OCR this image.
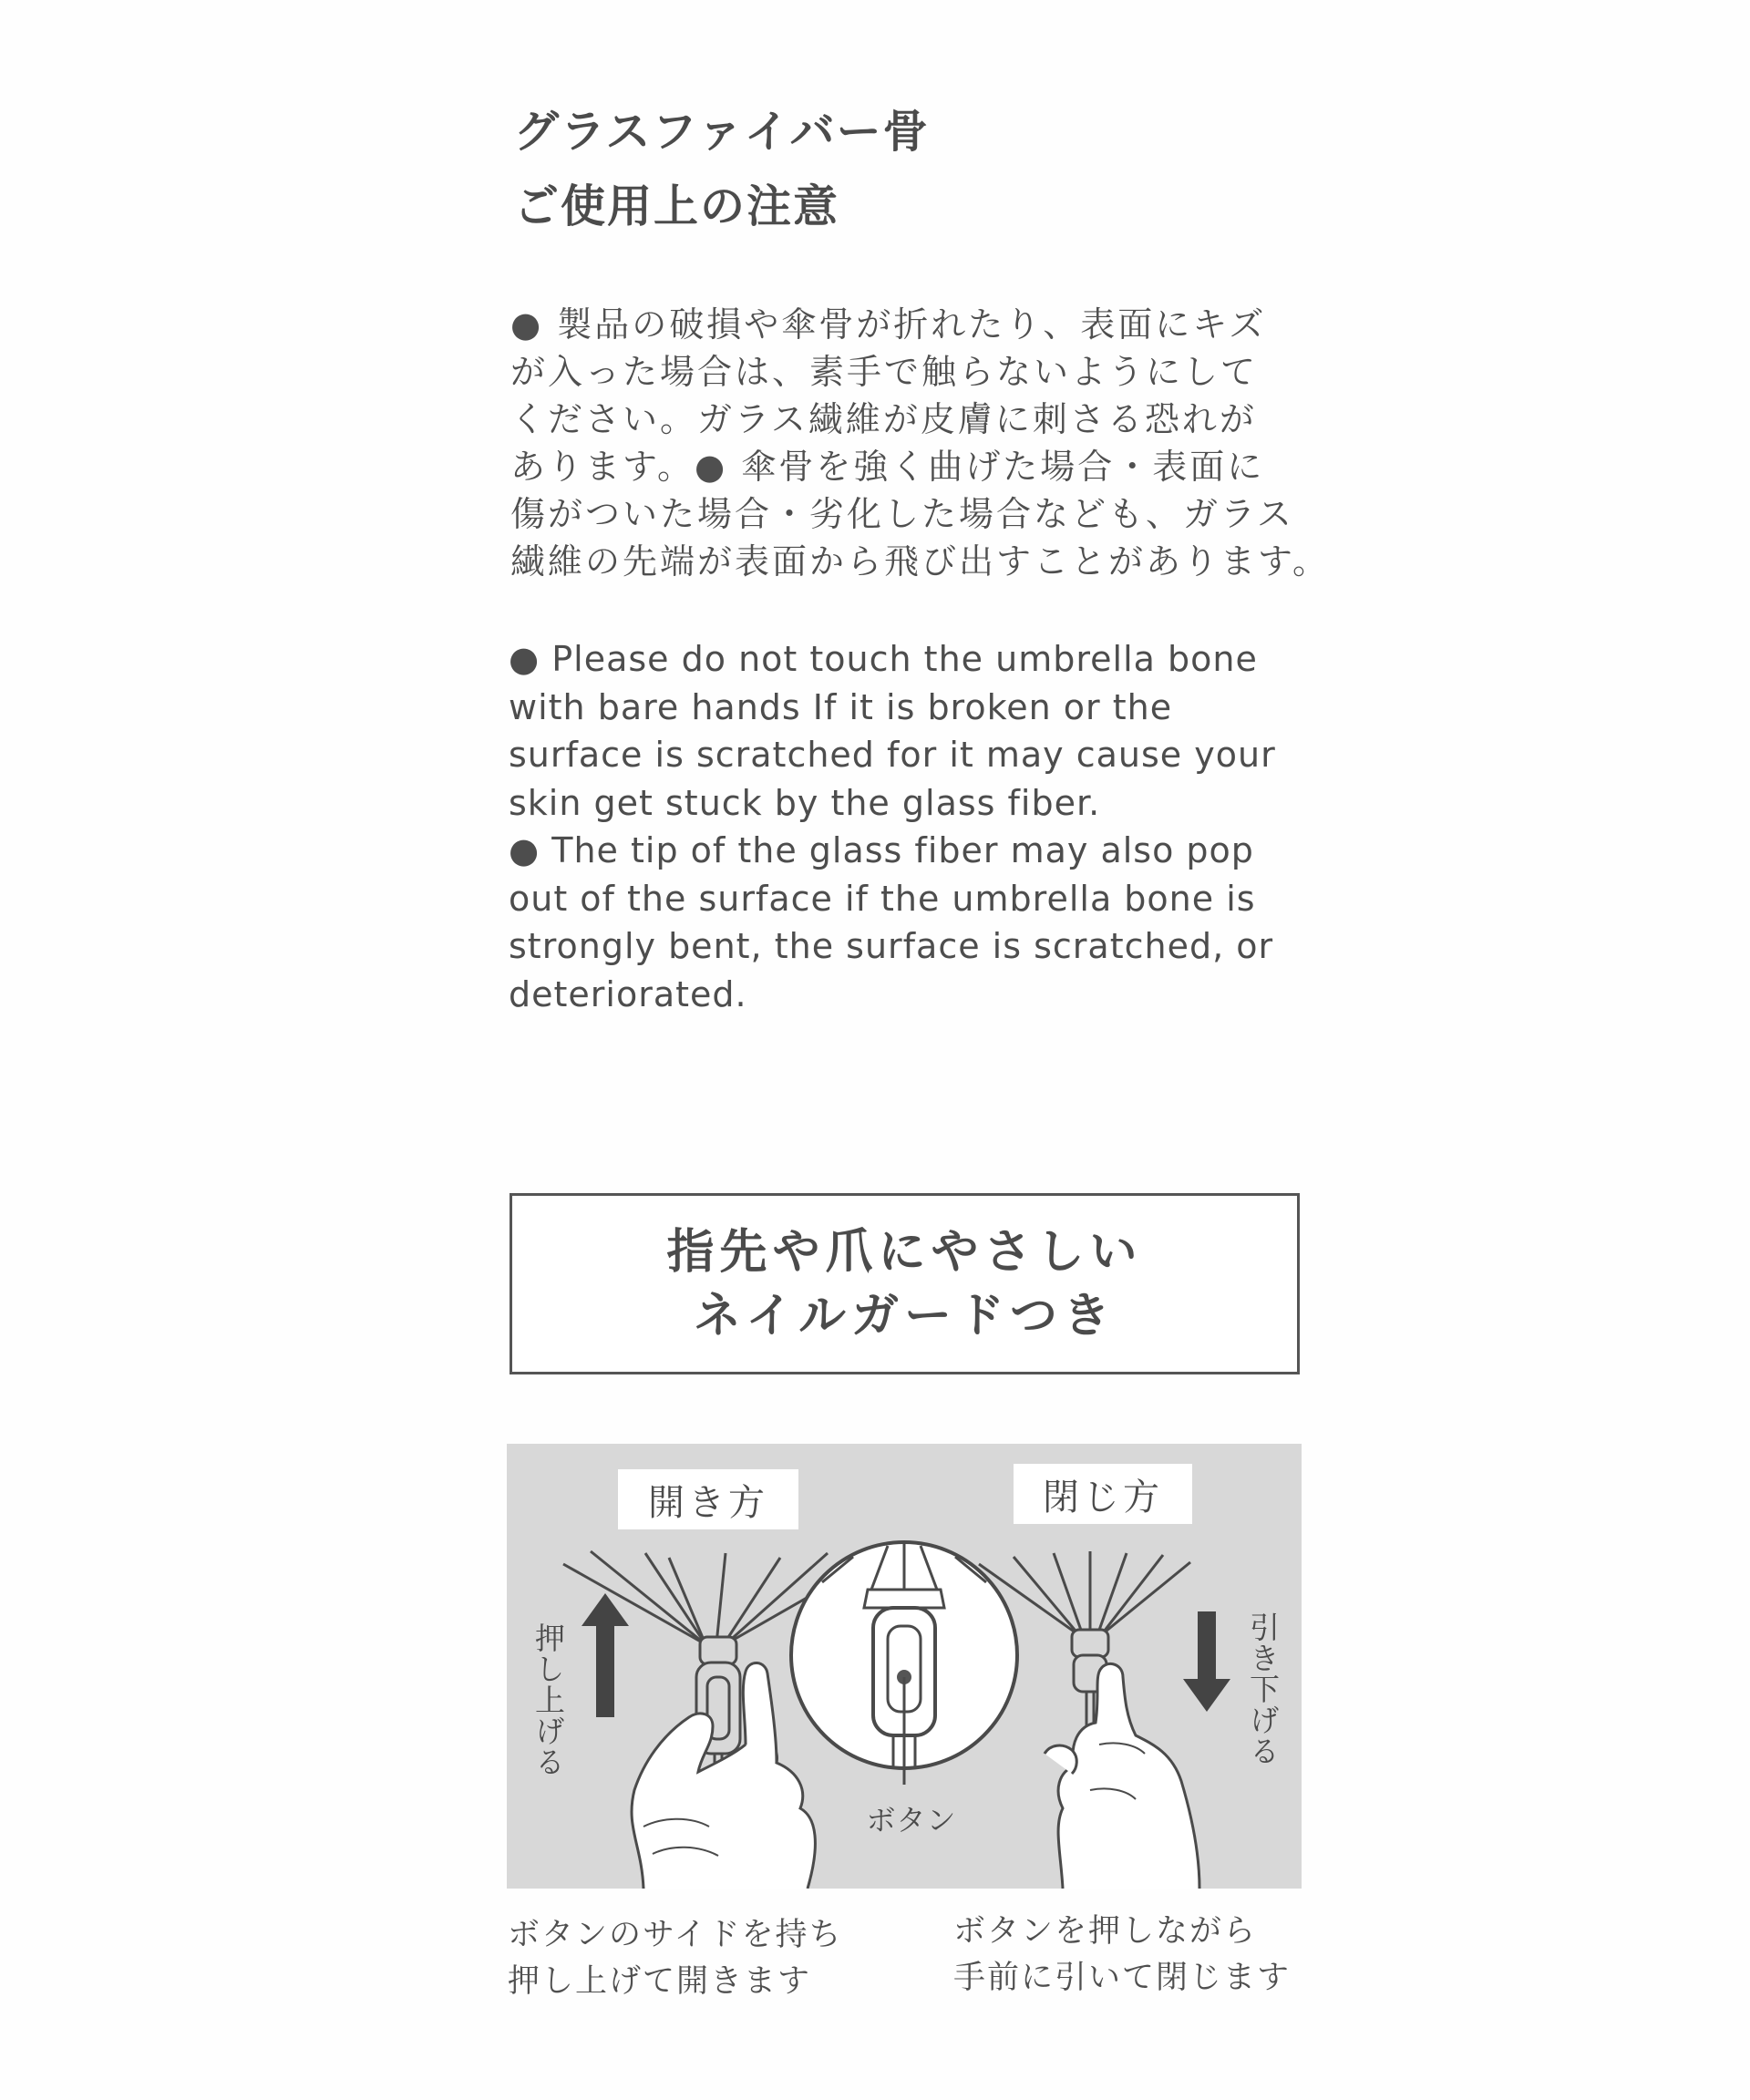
グラスファイバー骨
ご使用上の注意
● 製品の破損や傘骨が折れたり、表面にキズ
が入った場合は、素手で触らないようにして
ください。ガラス繊維が皮膚に刺さる恐れが
あります。● 傘骨を強く曲げた場合・表面に
傷がついた場合・劣化した場合なども、ガラス
繊維の先端が表面から飛び出すことがあります。
● Please do not touch the umbrella bone
with bare hands If it is broken or the
surface is scratched for it may cause your
skin get stuck by the glass fiber.
● The tip of the glass fiber may also pop
out of the surface if the umbrella bone is
strongly bent, the surface is scratched, or
deteriorated.
指先や爪にやさしい
ネイルガードつき
開き方	閉じ方
押し上げる	引き下げる
ボタン
ボタンのサイドを持ち
押し上げて開きます
ボタンを押しながら
手前に引いて閉じます
